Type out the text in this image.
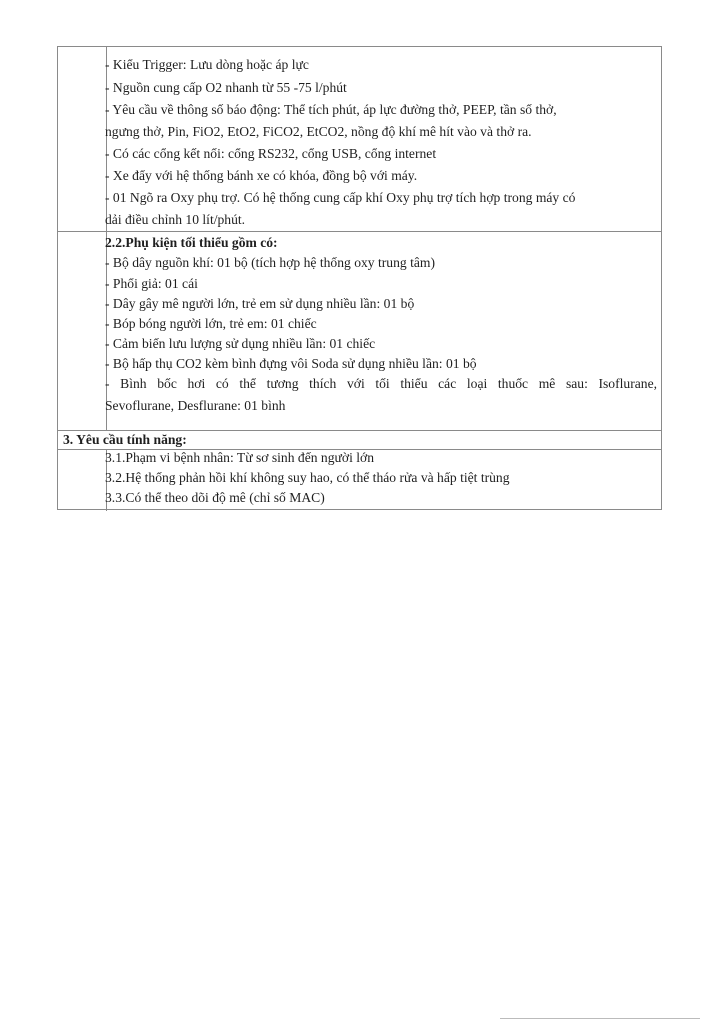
- Kiểu Trigger: Lưu dòng hoặc áp lực
- Nguồn cung cấp O2 nhanh từ 55 -75 l/phút
- Yêu cầu về thông số báo động: Thể tích phút, áp lực đường thở, PEEP, tần số thở,
ngưng thở, Pin, FiO2, EtO2, FiCO2, EtCO2, nồng độ khí mê hít vào và thở ra.
- Có các cổng kết nối: cổng RS232, cổng USB, cổng internet
- Xe đẩy với hệ thống bánh xe có khóa, đồng bộ với máy.
- 01 Ngõ ra Oxy phụ trợ. Có hệ thống cung cấp khí Oxy phụ trợ tích hợp trong máy có
dải điều chỉnh 10 lít/phút.
2.2.Phụ kiện tối thiểu gồm có:
- Bộ dây nguồn khí: 01 bộ (tích hợp hệ thống oxy trung tâm)
- Phổi giả: 01 cái
- Dây gây mê người lớn, trẻ em sử dụng nhiều lần: 01 bộ
- Bóp bóng người lớn, trẻ em: 01 chiếc
- Cảm biến lưu lượng sử dụng nhiều lần: 01 chiếc
- Bộ hấp thụ CO2 kèm bình đựng vôi Soda sử dụng nhiều lần: 01 bộ
- Bình bốc hơi có thể tương thích với tối thiểu các loại thuốc mê sau: Isoflurane,
Sevoflurane, Desflurane: 01 bình
3. Yêu cầu tính năng:
3.1.Phạm vi bệnh nhân: Từ sơ sinh đến người lớn
3.2.Hệ thống phản hồi khí không suy hao, có thể tháo rửa và hấp tiệt trùng
3.3.Có thể theo dõi độ mê (chỉ số MAC)
